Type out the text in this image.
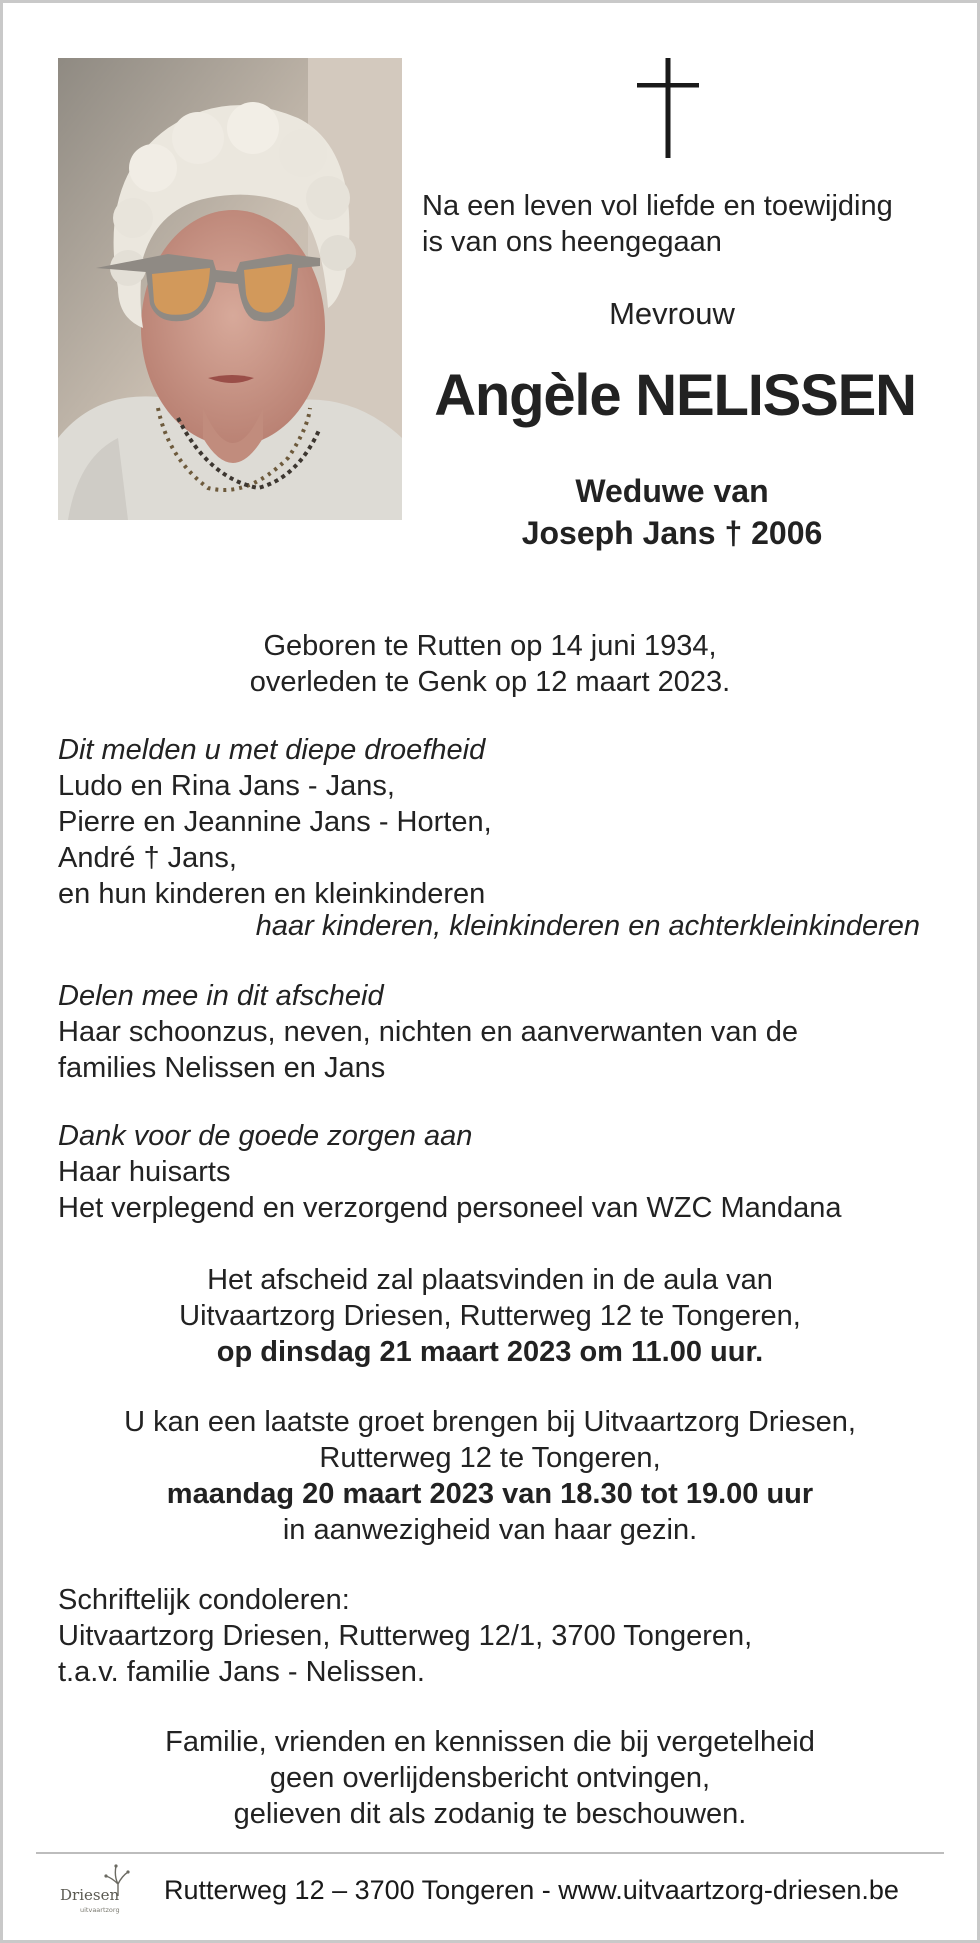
Na een leven vol liefde en toewijding
is van ons heengegaan
Mevrouw
Angèle NELISSEN
Weduwe van
Joseph Jans † 2006
Geboren te Rutten op 14 juni 1934,
overleden te Genk op 12 maart 2023.
Dit melden u met diepe droefheid
Ludo en Rina Jans - Jans,
Pierre en Jeannine Jans - Horten,
André † Jans,
en hun kinderen en kleinkinderen
haar kinderen, kleinkinderen en achterkleinkinderen
Delen mee in dit afscheid
Haar schoonzus, neven, nichten en aanverwanten van de
families Nelissen en Jans
Dank voor de goede zorgen aan
Haar huisarts
Het verplegend en verzorgend personeel van WZC Mandana
Het afscheid zal plaatsvinden in de aula van
Uitvaartzorg Driesen, Rutterweg 12 te Tongeren,
op dinsdag 21 maart 2023 om 11.00 uur.
U kan een laatste groet brengen bij Uitvaartzorg Driesen,
Rutterweg 12 te Tongeren,
maandag 20 maart 2023 van 18.30 tot 19.00 uur
in aanwezigheid van haar gezin.
Schriftelijk condoleren:
Uitvaartzorg Driesen, Rutterweg 12/1, 3700 Tongeren,
t.a.v. familie Jans - Nelissen.
Familie, vrienden en kennissen die bij vergetelheid
geen overlijdensbericht ontvingen,
gelieven dit als zodanig te beschouwen.
Driesen
uitvaartzorg
Rutterweg 12 – 3700 Tongeren - www.uitvaartzorg-driesen.be
